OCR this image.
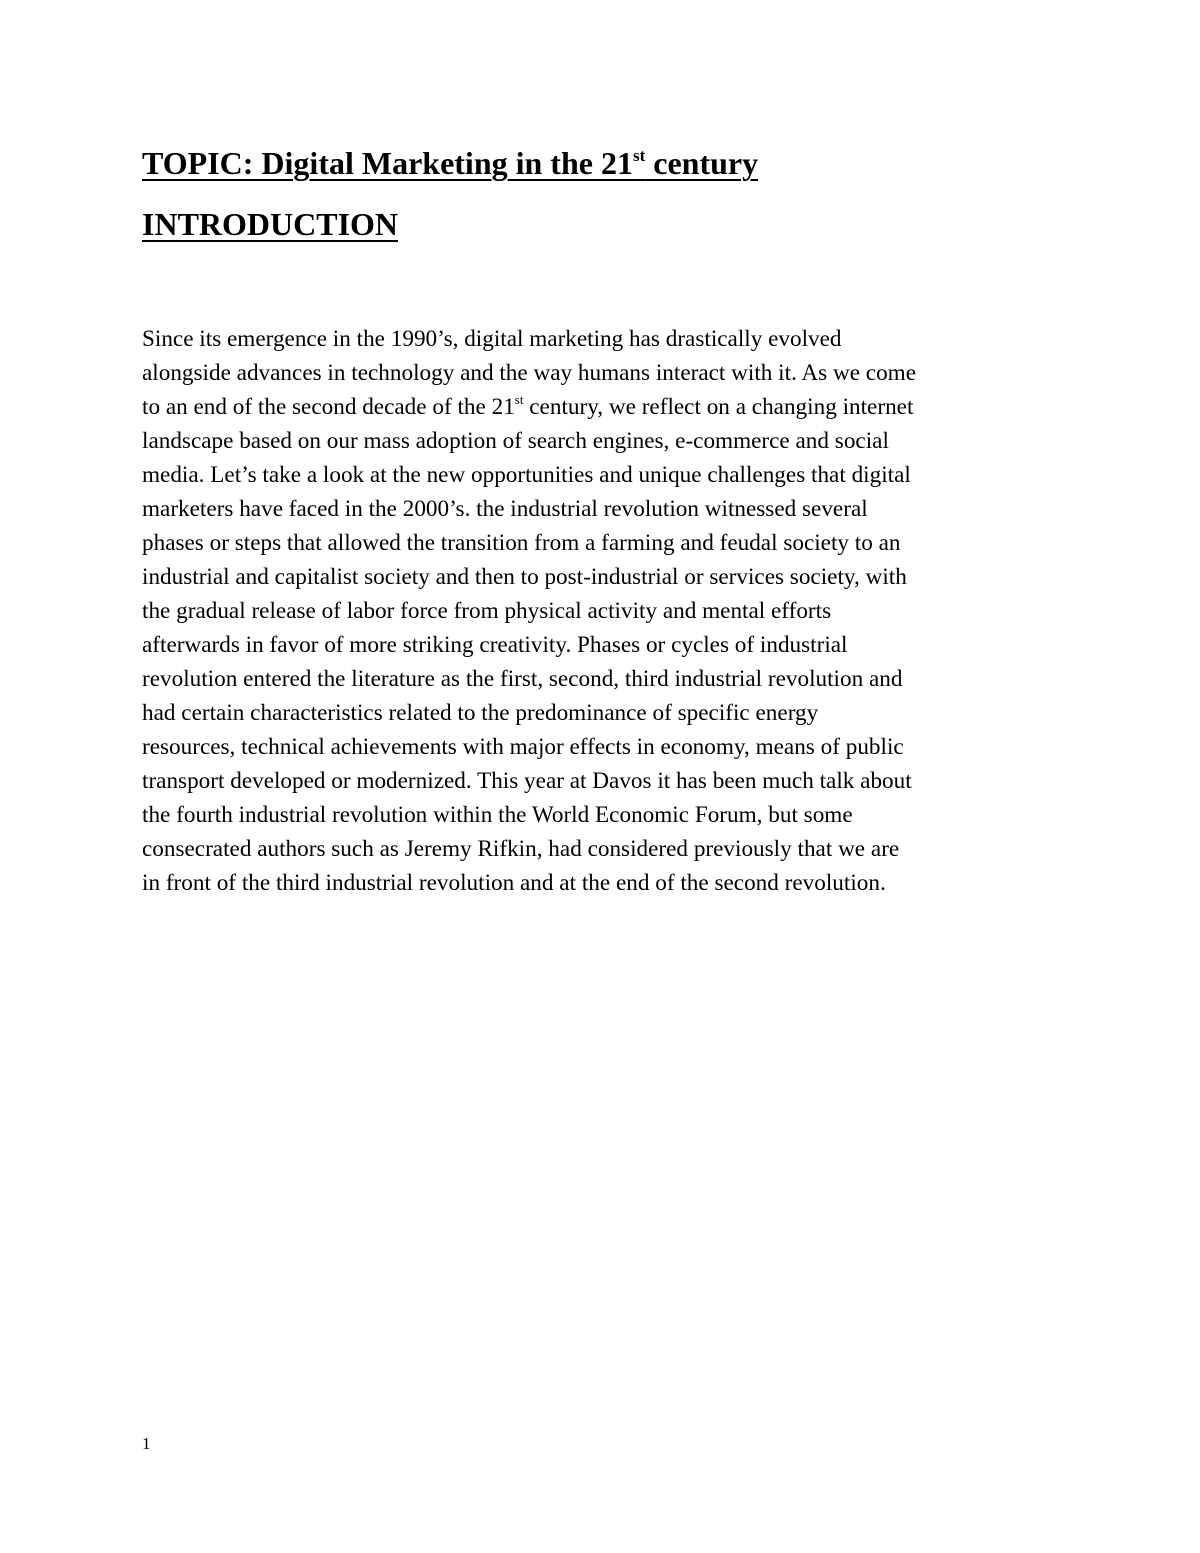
TOPIC: Digital Marketing in the 21st century
INTRODUCTION

Since its emergence in the 1990’s, digital marketing has drastically evolved
alongside advances in technology and the way humans interact with it. As we come
to an end of the second decade of the 21st century, we reflect on a changing internet
landscape based on our mass adoption of search engines, e-commerce and social
media. Let’s take a look at the new opportunities and unique challenges that digital
marketers have faced in the 2000’s. the industrial revolution witnessed several
phases or steps that allowed the transition from a farming and feudal society to an
industrial and capitalist society and then to post-industrial or services society, with
the gradual release of labor force from physical activity and mental efforts
afterwards in favor of more striking creativity. Phases or cycles of industrial
revolution entered the literature as the first, second, third industrial revolution and
had certain characteristics related to the predominance of specific energy
resources, technical achievements with major effects in economy, means of public
transport developed or modernized. This year at Davos it has been much talk about
the fourth industrial revolution within the World Economic Forum, but some
consecrated authors such as Jeremy Rifkin, had considered previously that we are
in front of the third industrial revolution and at the end of the second revolution.

1
